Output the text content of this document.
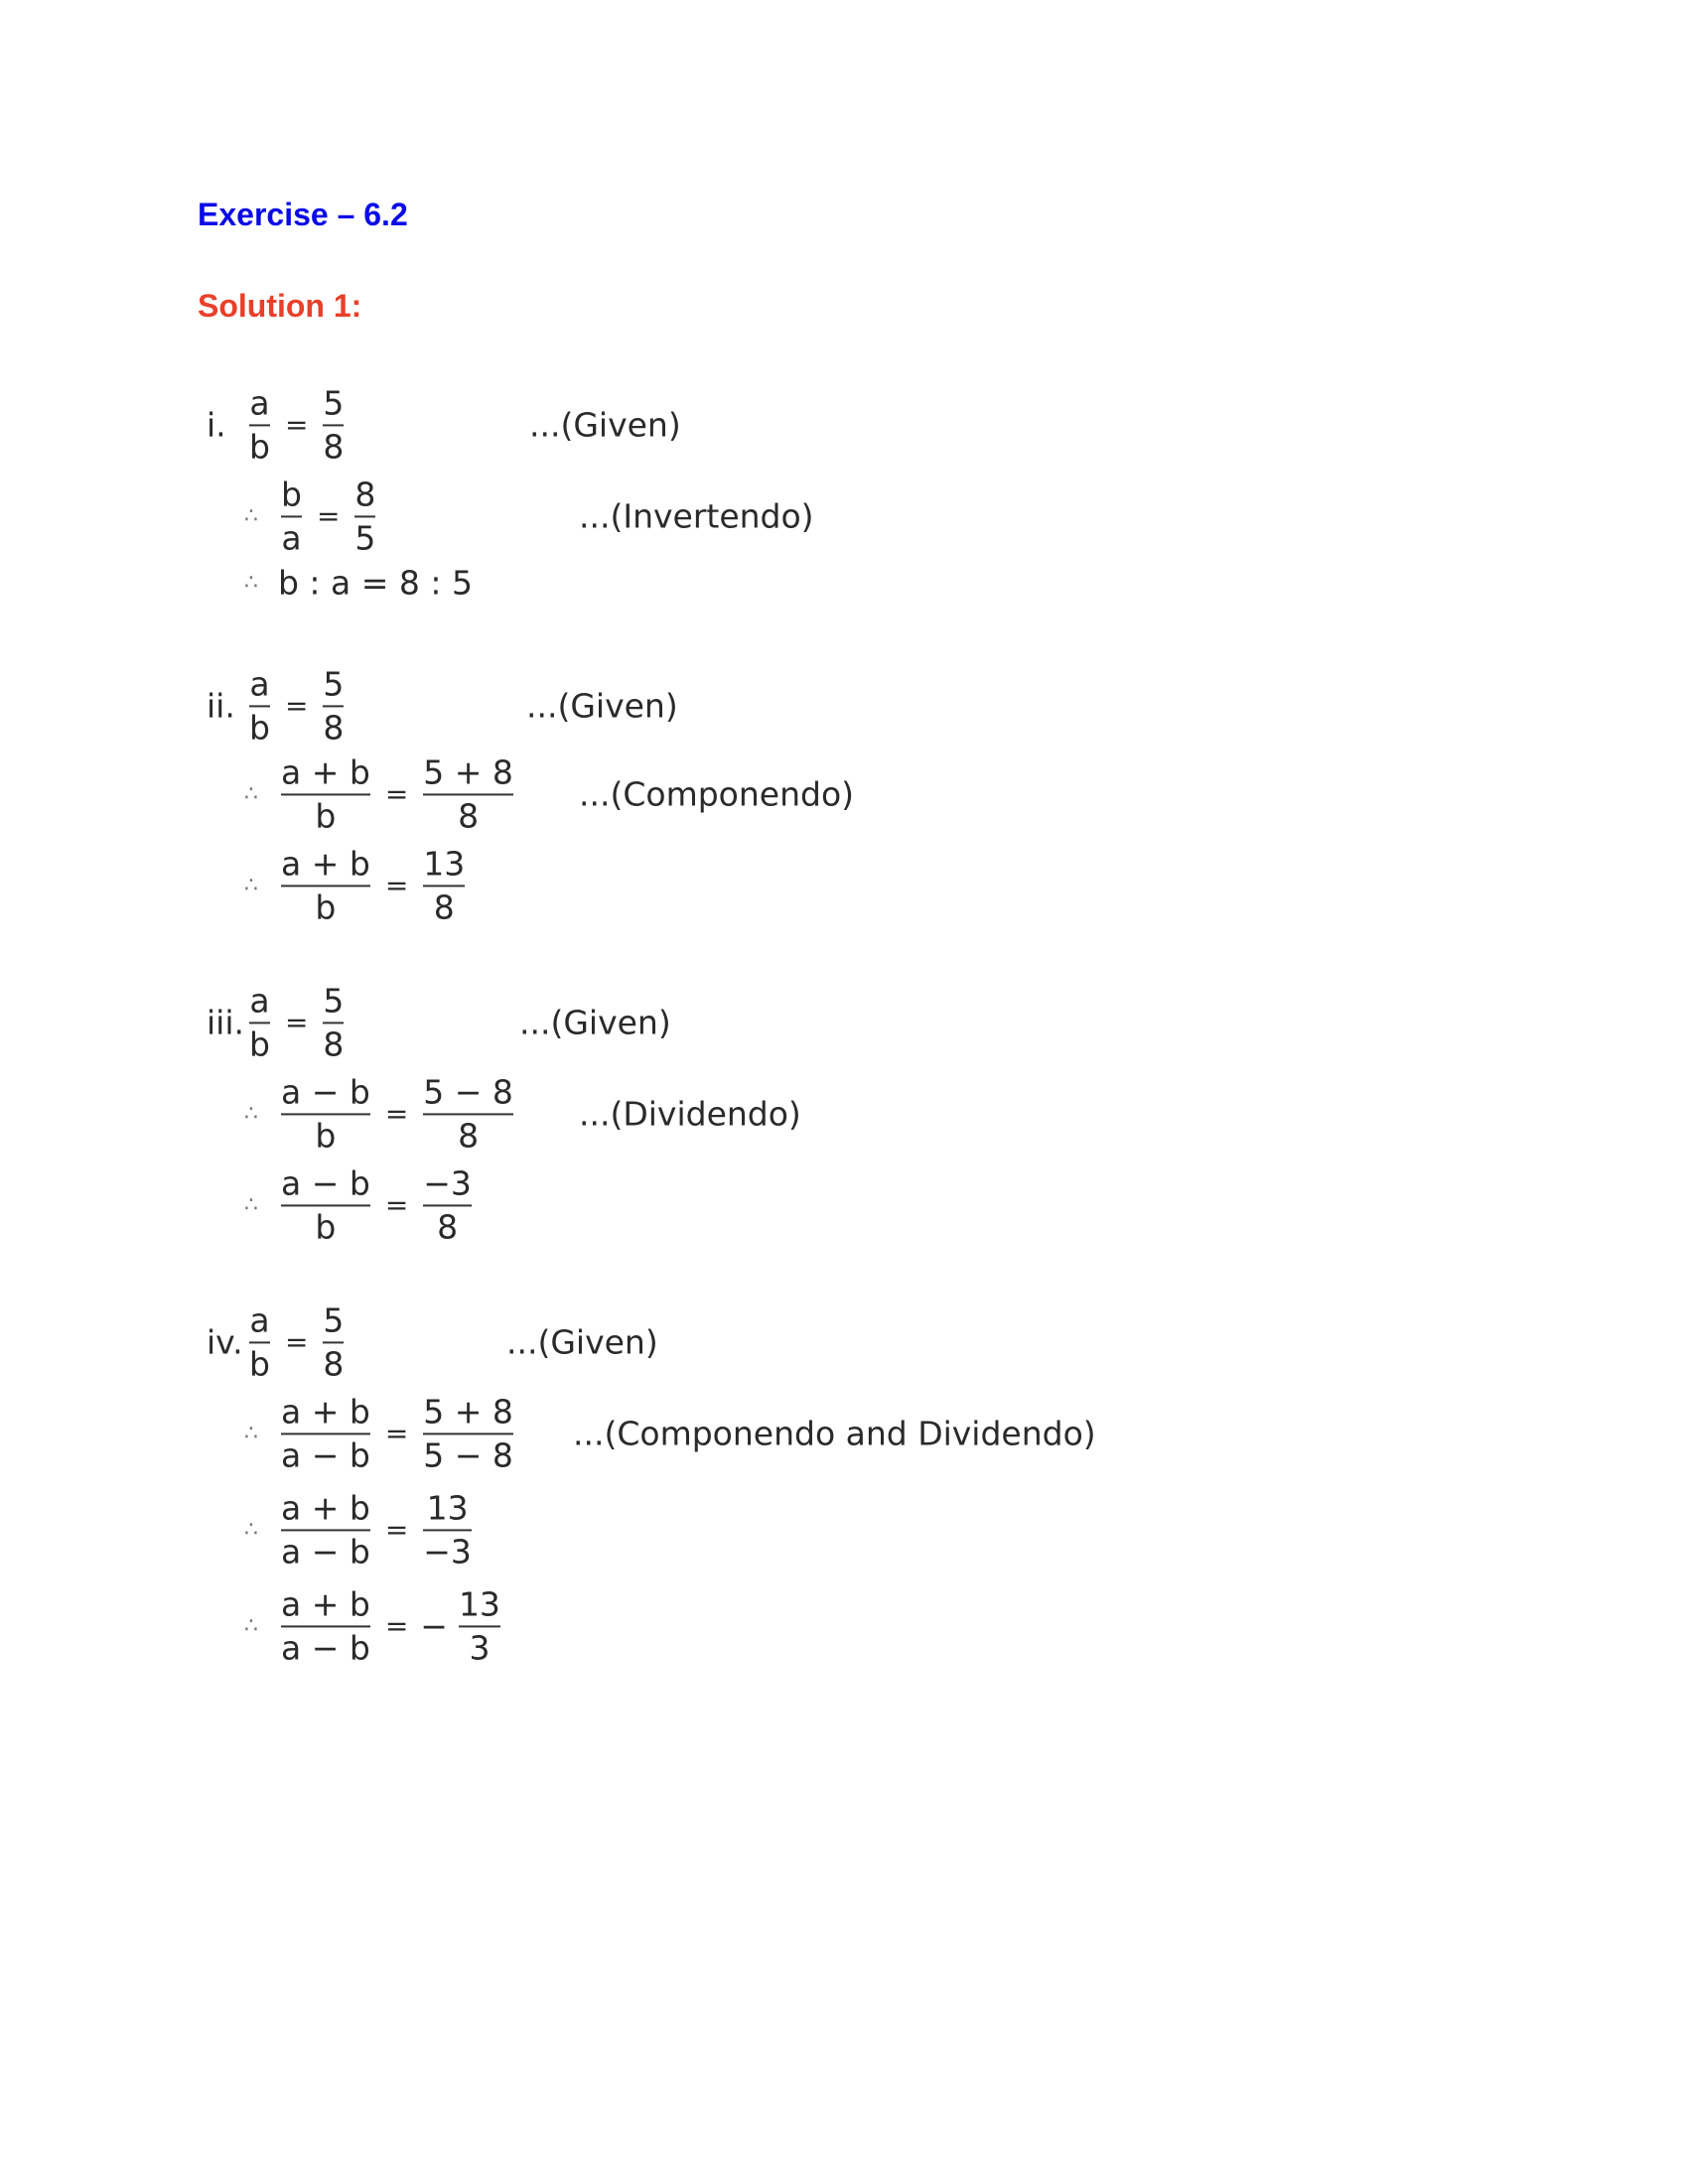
Exercise – 6.2
Solution 1:
i. $\frac{a}{b} = \frac{5}{8}$	...(Given)
∴ $\frac{b}{a} = \frac{8}{5}$	...(Invertendo)
∴ b : a = 8 : 5
ii. $\frac{a}{b} = \frac{5}{8}$	...(Given)
∴ $\frac{a + b}{b} = \frac{5 + 8}{8}$ ...(Componendo)
∴ $\frac{a + b}{b} = \frac{13}{8}$
iii. $\frac{a}{b} = \frac{5}{8}$	...(Given)
∴ $\frac{a - b}{b} = \frac{5 - 8}{8}$ ...(Dividendo)
∴ $\frac{a - b}{b} = \frac{-3}{8}$
iv. $\frac{a}{b} = \frac{5}{8}$	...(Given)
∴ $\frac{a + b}{a - b} = \frac{5 + 8}{5 - 8}$ ...(Componendo and Dividendo)
∴ $\frac{a + b}{a - b} = \frac{13}{-3}$
∴ $\frac{a + b}{a - b}$ = − $\frac{13}{3}$
